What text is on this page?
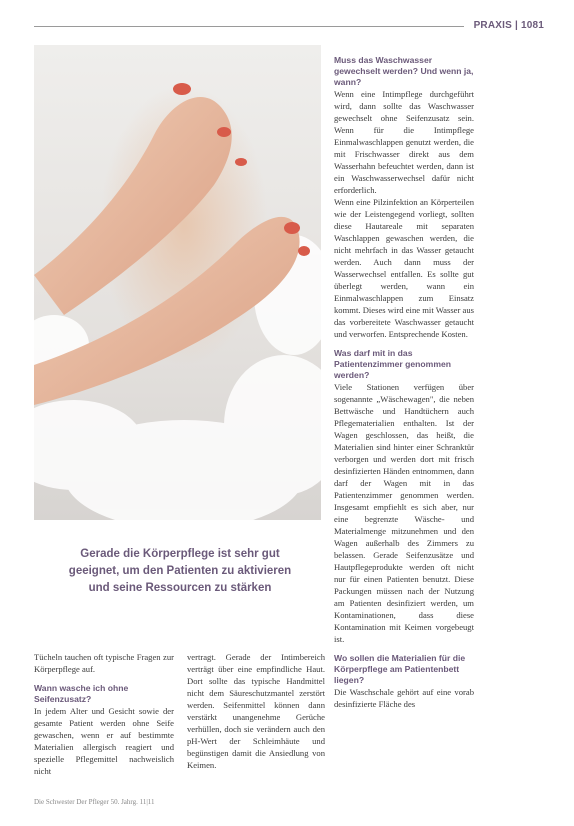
PRAXIS | 1081
Gerade die Körperpflege ist sehr gut geeignet, um den Patienten zu aktivieren und seine Ressourcen zu stärken

Tücheln tauchen oft typische Fragen zur Körperpflege auf.

Wann wasche ich ohne Seifenzusatz?

In jedem Alter und Gesicht sowie der gesamte Patient werden ohne Seife gewaschen, wenn er auf bestimmte Materialien allergisch reagiert und spezielle Pflegemittel nachweislich nicht

vertragt. Gerade der Intimbereich verträgt über eine empfindliche Haut. Dort sollte das typische Handmittel nicht dem Säureschutzmantel zerstört werden. Seifenmittel können dann verstärkt unangenehme Gerüche verhüllen, doch sie verändern auch den pH-Wert der Schleimhäute und begünstigen damit die Ansiedlung von Keimen.

Muss das Waschwasser gewechselt werden? Und wenn ja, wann?

Wenn eine Intimpflege durchgeführt wird, dann sollte das Waschwasser gewechselt ohne Seifenzusatz sein. Wenn für die Intimpflege Einmalwaschlappen genutzt werden, die mit Frischwasser direkt aus dem Wasserhahn befeuchtet werden, dann ist ein Waschwasserwechsel dafür nicht erforderlich.

Wenn eine Pilzinfektion an Körperteilen wie der Leistengegend vorliegt, sollten diese Hautareale mit separaten Waschlappen gewaschen werden, die nicht mehrfach in das Wasser getaucht werden. Auch dann muss der Wasserwechsel entfallen. Es sollte gut überlegt werden, wann ein Einmalwaschlappen zum Einsatz kommt. Dieses wird eine mit Wasser aus das vorbereitete Waschwasser getaucht und verworfen. Entsprechende Kosten.

Was darf mit in das Patientenzimmer genommen werden?

Viele Stationen verfügen über sogenannte „Wäschewagen", die neben Bettwäsche und Handtüchern auch Pflegematerialien enthalten. Ist der Wagen geschlossen, das heißt, die Materialien sind hinter einer Schranktür verborgen und werden dort mit frisch desinfizierten Händen entnommen, dann darf der Wagen mit in das Patientenzimmer genommen werden. Insgesamt empfiehlt es sich aber, nur eine begrenzte Wäsche- und Materialmenge mitzunehmen und den Wagen außerhalb des Zimmers zu belassen. Gerade Seifenzusätze und Hautpflegeprodukte werden oft nicht nur für einen Patienten benutzt. Diese Packungen müssen nach der Nutzung am Patienten desinfiziert werden, um Kontaminationen, dass diese Kontamination mit Keimen vorgebeugt ist.

Wo sollen die Materialien für die Körperpflege am Patientenbett liegen?

Die Waschschale gehört auf eine vorab desinfizierte Fläche des

Die Schwester Der Pfleger 50. Jahrg. 11|11
